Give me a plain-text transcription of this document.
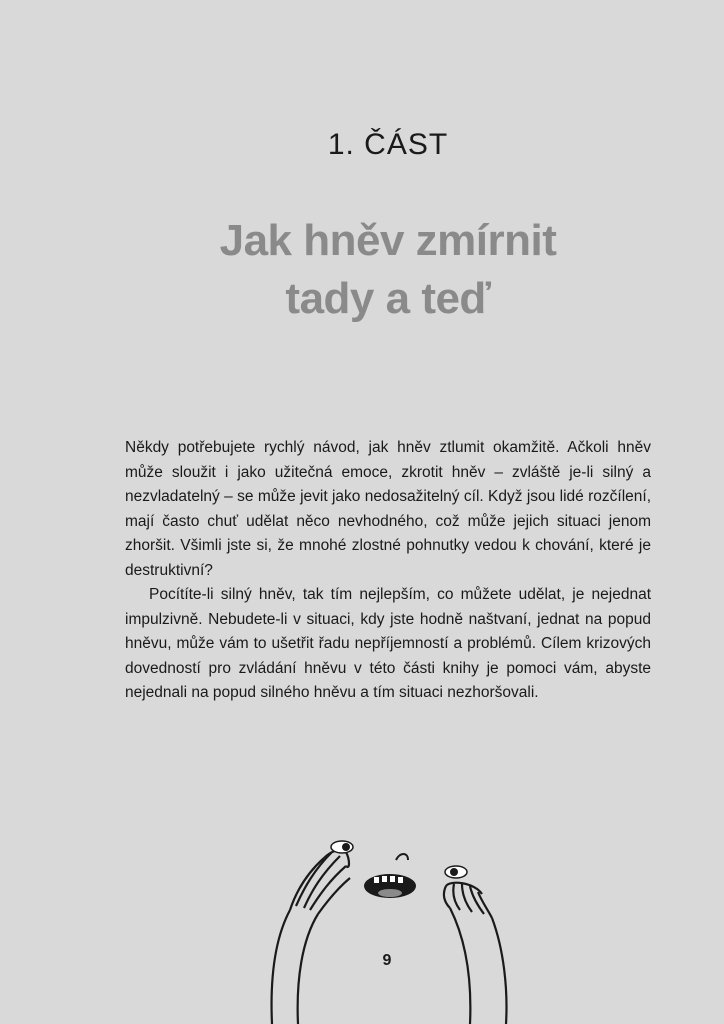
1. ČÁST
Jak hněv zmírnit
tady a teď

Někdy potřebujete rychlý návod, jak hněv ztlumit okamžitě. Ačkoli hněv může sloužit i jako užitečná emoce, zkrotit hněv – zvláště je-li silný a nezvladatelný – se může jevit jako nedosažitelný cíl. Když jsou lidé rozčílení, mají často chuť udělat něco nevhodného, což může jejich situaci jenom zhoršit. Všimli jste si, že mnohé zlostné pohnutky vedou k chování, které je destruktivní?

Pocítíte-li silný hněv, tak tím nejlepším, co můžete udělat, je nejednat impulzivně. Nebudete-li v situaci, kdy jste hodně naštvaní, jednat na popud hněvu, může vám to ušetřit řadu nepříjemností a problémů. Cílem krizových dovedností pro zvládání hněvu v této části knihy je pomoci vám, abyste nejednali na popud silného hněvu a tím situaci nezhoršovali.

9
